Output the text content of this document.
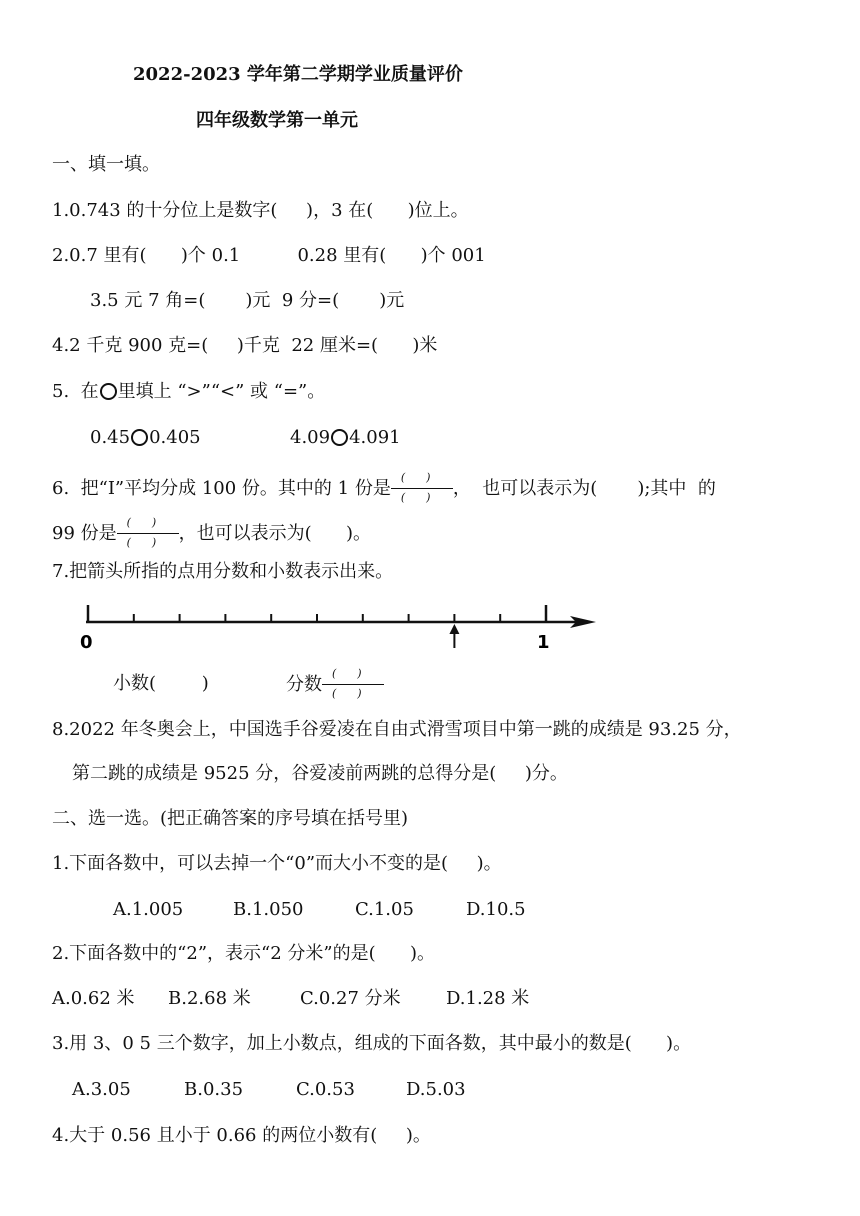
2022-2023 学年第二学期学业质量评价
四年级数学第一单元
一、填一填。
1.0.743 的十分位上是数字(     )，3 在(      )位上。
2.0.7 里有(      )个 0.1          0.28 里有(      )个 001
3.5 元 7 角=(       )元  9 分=(       )元
4.2 千克 900 克=(     )千克  22 厘米=(      )米
5.  在 里填上 “>”“<” 或 “=”。
0.45 0.405	4.09 4.091
6.  把“I”平均分成 100 份。其中的 1 份是 $\frac{( )}{( )}$ ，  也可以表示为(       );其中  的
99 份是 $\frac{( )}{( )}$ ，也可以表示为(      )。
7.把箭头所指的点用分数和小数表示出来。
0	1
小数(        )	分数 $\frac{( )}{( )}$
8.2022 年冬奥会上，中国选手谷爱凌在自由式滑雪项目中第一跳的成绩是 93.25 分，
第二跳的成绩是 9525 分，谷爱凌前两跳的总得分是(     )分。
二、选一选。(把正确答案的序号填在括号里)
1.下面各数中，可以去掉一个“0”而大小不变的是(     )。
A.1.005	B.1.050	C.1.05	D.10.5
2.下面各数中的“2”，表示“2 分米”的是(      )。
A.0.62 米 B.2.68 米	C.0.27 分米	D.1.28 米
3.用 3、0 5 三个数字，加上小数点，组成的下面各数，其中最小的数是(      )。
A.3.05	B.0.35	C.0.53	D.5.03
4.大于 0.56 且小于 0.66 的两位小数有(     )。
